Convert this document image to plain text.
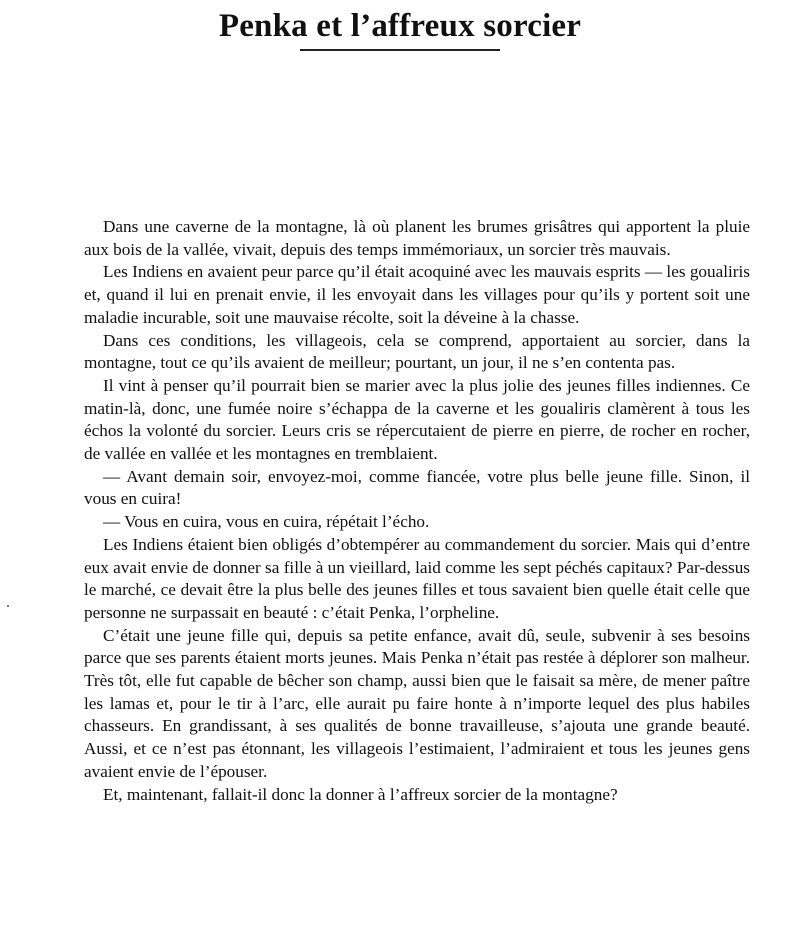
Penka et l’affreux sorcier

Dans une caverne de la montagne, là où planent les brumes grisâtres qui apportent la pluie aux bois de la vallée, vivait, depuis des temps immémoriaux, un sorcier très mauvais.

Les Indiens en avaient peur parce qu’il était acoquiné avec les mauvais esprits — les goualiris et, quand il lui en prenait envie, il les envoyait dans les villages pour qu’ils y portent soit une maladie incurable, soit une mauvaise récolte, soit la déveine à la chasse.

Dans ces conditions, les villageois, cela se comprend, apportaient au sorcier, dans la montagne, tout ce qu’ils avaient de meilleur; pourtant, un jour, il ne s’en contenta pas.

Il vint à penser qu’il pourrait bien se marier avec la plus jolie des jeunes filles indiennes. Ce matin-là, donc, une fumée noire s’échappa de la caverne et les goualiris clamèrent à tous les échos la volonté du sorcier. Leurs cris se répercutaient de pierre en pierre, de rocher en rocher, de vallée en vallée et les montagnes en tremblaient.

— Avant demain soir, envoyez-moi, comme fiancée, votre plus belle jeune fille. Sinon, il vous en cuira!

— Vous en cuira, vous en cuira, répétait l’écho.

Les Indiens étaient bien obligés d’obtempérer au commandement du sorcier. Mais qui d’entre eux avait envie de donner sa fille à un vieillard, laid comme les sept péchés capitaux? Par-dessus le marché, ce devait être la plus belle des jeunes filles et tous savaient bien quelle était celle que personne ne surpassait en beauté : c’était Penka, l’orpheline.

C’était une jeune fille qui, depuis sa petite enfance, avait dû, seule, subvenir à ses besoins parce que ses parents étaient morts jeunes. Mais Penka n’était pas restée à déplorer son malheur. Très tôt, elle fut capable de bêcher son champ, aussi bien que le faisait sa mère, de mener paître les lamas et, pour le tir à l’arc, elle aurait pu faire honte à n’importe lequel des plus habiles chasseurs. En grandissant, à ses qualités de bonne travailleuse, s’ajouta une grande beauté. Aussi, et ce n’est pas étonnant, les villageois l’estimaient, l’admiraient et tous les jeunes gens avaient envie de l’épouser.

Et, maintenant, fallait-il donc la donner à l’affreux sorcier de la montagne?
